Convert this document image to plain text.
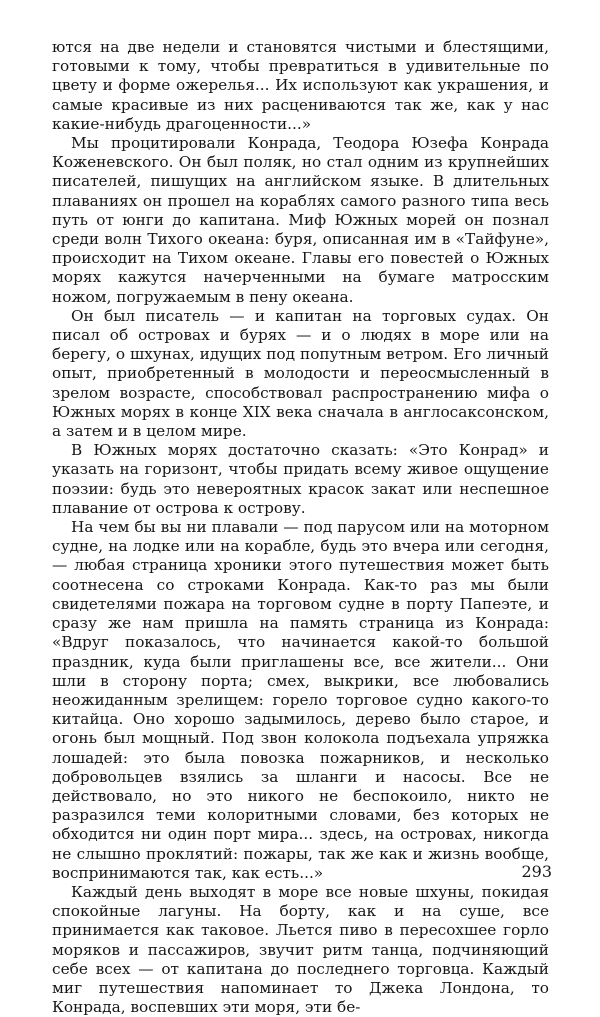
ются на две недели и становятся чистыми и блестящими, готовыми к тому, чтобы превратиться в удивительные по цвету и форме ожерелья... Их используют как украшения, и самые красивые из них расцениваются так же, как у нас какие-нибудь драгоценности...»

Мы процитировали Конрада, Теодора Юзефа Конрада Коженевского. Он был поляк, но стал одним из крупнейших писателей, пишущих на английском языке. В длительных плаваниях он прошел на кораблях самого разного типа весь путь от юнги до капитана. Миф Южных морей он познал среди волн Тихого океана: буря, описанная им в «Тайфуне», происходит на Тихом океане. Главы его повестей о Южных морях кажутся начерченными на бумаге матросским ножом, погружаемым в пену океана.

Он был писатель — и капитан на торговых судах. Он писал об островах и бурях — и о людях в море или на берегу, о шхунах, идущих под попутным ветром. Его личный опыт, приобретенный в молодости и переосмысленный в зрелом возрасте, способствовал распространению мифа о Южных морях в конце XIX века сначала в англосаксонском, а затем и в целом мире.

В Южных морях достаточно сказать: «Это Конрад» и указать на горизонт, чтобы придать всему живое ощущение поэзии: будь это невероятных красок закат или неспешное плавание от острова к острову.

На чем бы вы ни плавали — под парусом или на моторном судне, на лодке или на корабле, будь это вчера или сегодня, — любая страница хроники этого путешествия может быть соотнесена со строками Конрада. Как-то раз мы были свидетелями пожара на торговом судне в порту Папеэте, и сразу же нам пришла на память страница из Конрада: «Вдруг показалось, что начинается какой-то большой праздник, куда были приглашены все, все жители... Они шли в сторону порта; смех, выкрики, все любовались неожиданным зрелищем: горело торговое судно какого-то китайца. Оно хорошо задымилось, дерево было старое, и огонь был мощный. Под звон колокола подъехала упряжка лошадей: это была повозка пожарников, и несколько добровольцев взялись за шланги и насосы. Все не действовало, но это никого не беспокоило, никто не разразился теми колоритными словами, без которых не обходится ни один порт мира... здесь, на островах, никогда не слышно проклятий: пожары, так же как и жизнь вообще, воспринимаются так, как есть...»

Каждый день выходят в море все новые шхуны, покидая спокойные лагуны. На борту, как и на суше, все принимается как таковое. Льется пиво в пересохшее горло моряков и пассажиров, звучит ритм танца, подчиняющий себе всех — от капитана до последнего торговца. Каждый миг путешествия напоминает то Джека Лондона, то Конрада, воспевших эти моря, эти бе-

293
